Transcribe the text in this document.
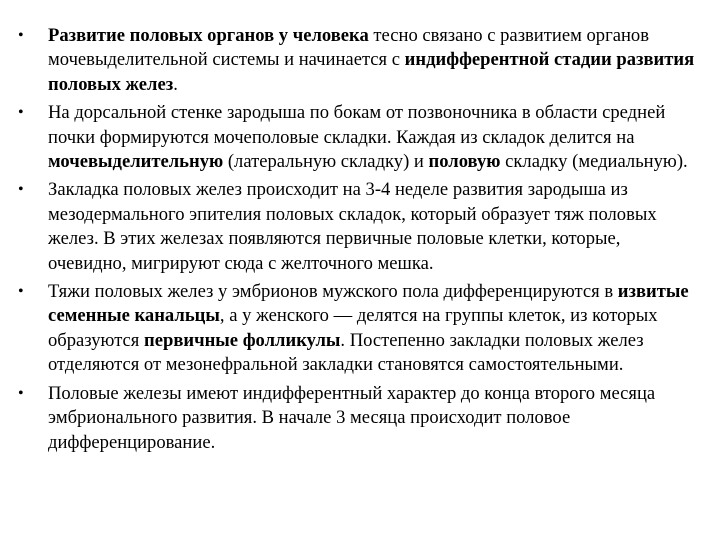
• Развитие половых органов у человека тесно связано с развитием органов мочевыделительной системы и начинается с индифферентной стадии развития половых желез.
• На дорсальной стенке зародыша по бокам от позвоночника в области средней почки формируются мочеполовые складки. Каждая из складок делится на мочевыделительную (латеральную складку) и половую складку (медиальную).
• Закладка половых желез происходит на 3-4 неделе развития зародыша из мезодермального эпителия половых складок, который образует тяж половых желез. В этих железах появляются первичные половые клетки, которые, очевидно, мигрируют сюда с желточного мешка.
• Тяжи половых желез у эмбрионов мужского пола дифференцируются в извитые семенные канальцы, а у женского — делятся на группы клеток, из которых образуются первичные фолликулы. Постепенно закладки половых желез отделяются от мезонефральной закладки становятся самостоятельными.
• Половые железы имеют индифферентный характер до конца второго месяца эмбрионального развития. В начале 3 месяца происходит половое дифференцирование.
